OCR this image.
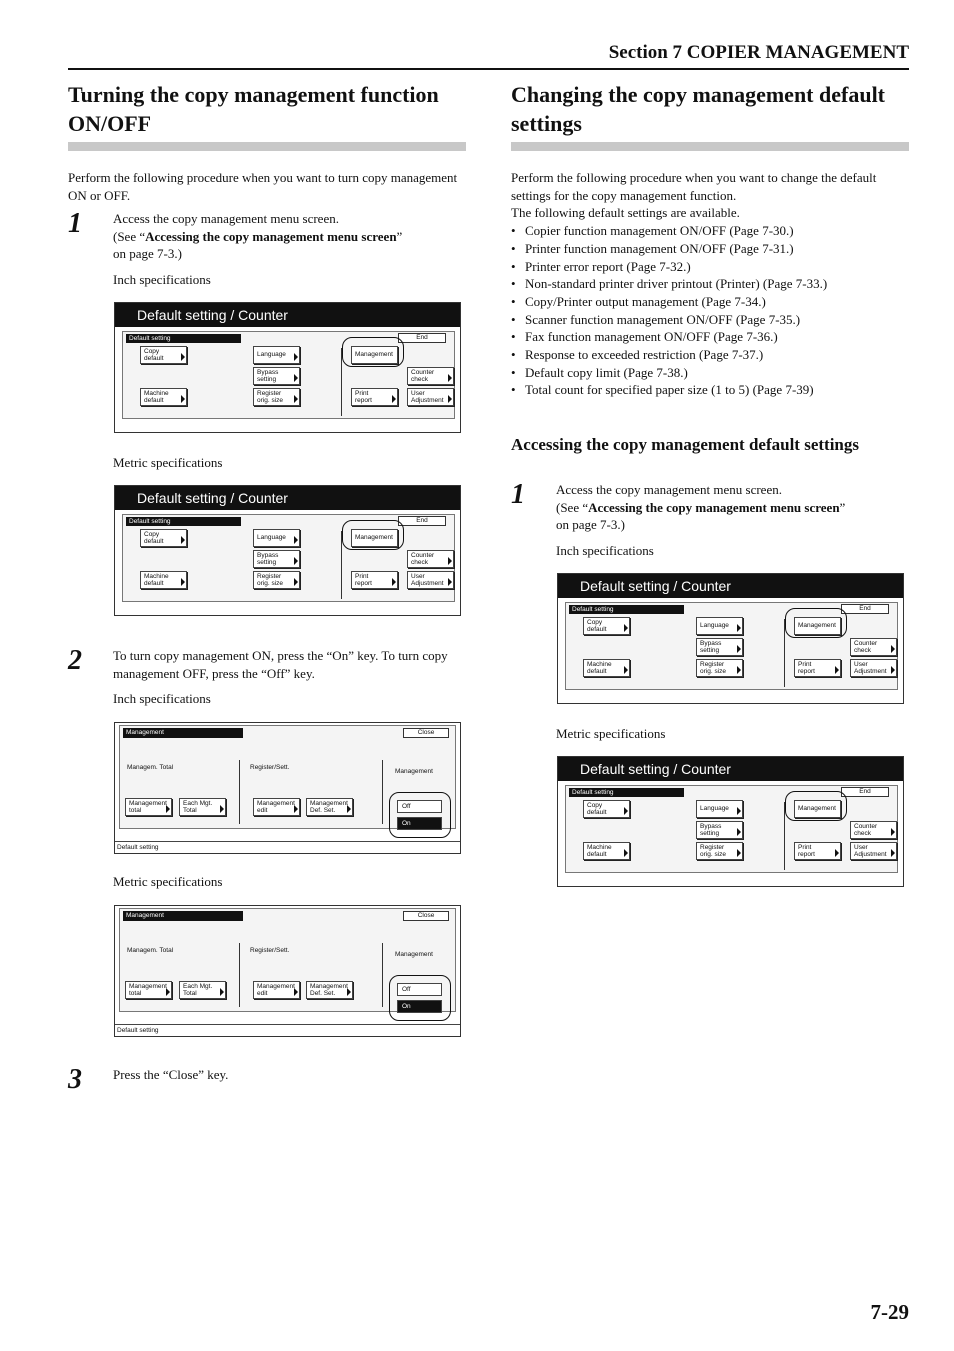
Section 7 COPIER MANAGEMENT
Turning the copy management function ON/OFF

Perform the following procedure when you want to turn copy management ON or OFF.

1 Access the copy management menu screen.
(See “Accessing the copy management menu screen”
on page 7-3.)
Inch specifications
Metric specifications
2 To turn copy management ON, press the “On” key. To turn copy management OFF, press the “Off” key.
Inch specifications
Metric specifications
3 Press the “Close” key.
Changing the copy management default settings

Perform the following procedure when you want to change the default settings for the copy management function.

The following default settings are available.

• Copier function management ON/OFF (Page 7-30.)
• Printer function management ON/OFF (Page 7-31.)
• Printer error report (Page 7-32.)
• Non-standard printer driver printout (Printer) (Page 7-33.)
• Copy/Printer output management (Page 7-34.)
• Scanner function management ON/OFF (Page 7-35.)
• Fax function management ON/OFF (Page 7-36.)
• Response to exceeded restriction (Page 7-37.)
• Default copy limit (Page 7-38.)
• Total count for specified paper size (1 to 5) (Page 7-39)
Accessing the copy management default settings
1 Access the copy management menu screen.
(See “Accessing the copy management menu screen”
on page 7-3.)
Inch specifications
Metric specifications
Default setting / Counter
Default setting	End
Copy
default
Language	Management
Bypass
setting
Counter
check
Machine
default
Register
orig. size
Print
report
User
Adjustment
Default setting / Counter
Default setting	End
Copy
default
Language	Management
Bypass
setting
Counter
check
Machine
default
Register
orig. size
Print
report
User
Adjustment	Default setting / Counter
Default setting	End
Copy
default
Language	Management
Bypass
setting
Counter
check
Machine
default
Register
orig. size
Print
report
User
Adjustment
Default setting / Counter
Default setting	End
Copy
default
Language	Management
Bypass
setting
Counter
check
Machine
default
Register
orig. size
Print
report
User
Adjustment
Management	Close
Managem. Total	Register/Sett.
Management
Management
total
Each Mgt.
Total
Management
edit
Management
Def. Set.
Off
On
Default setting
Management	Close
Managem. Total	Register/Sett.
Management
Management
total
Each Mgt.
Total
Management
edit
Management
Def. Set.
Off
On
Default setting
7-29
